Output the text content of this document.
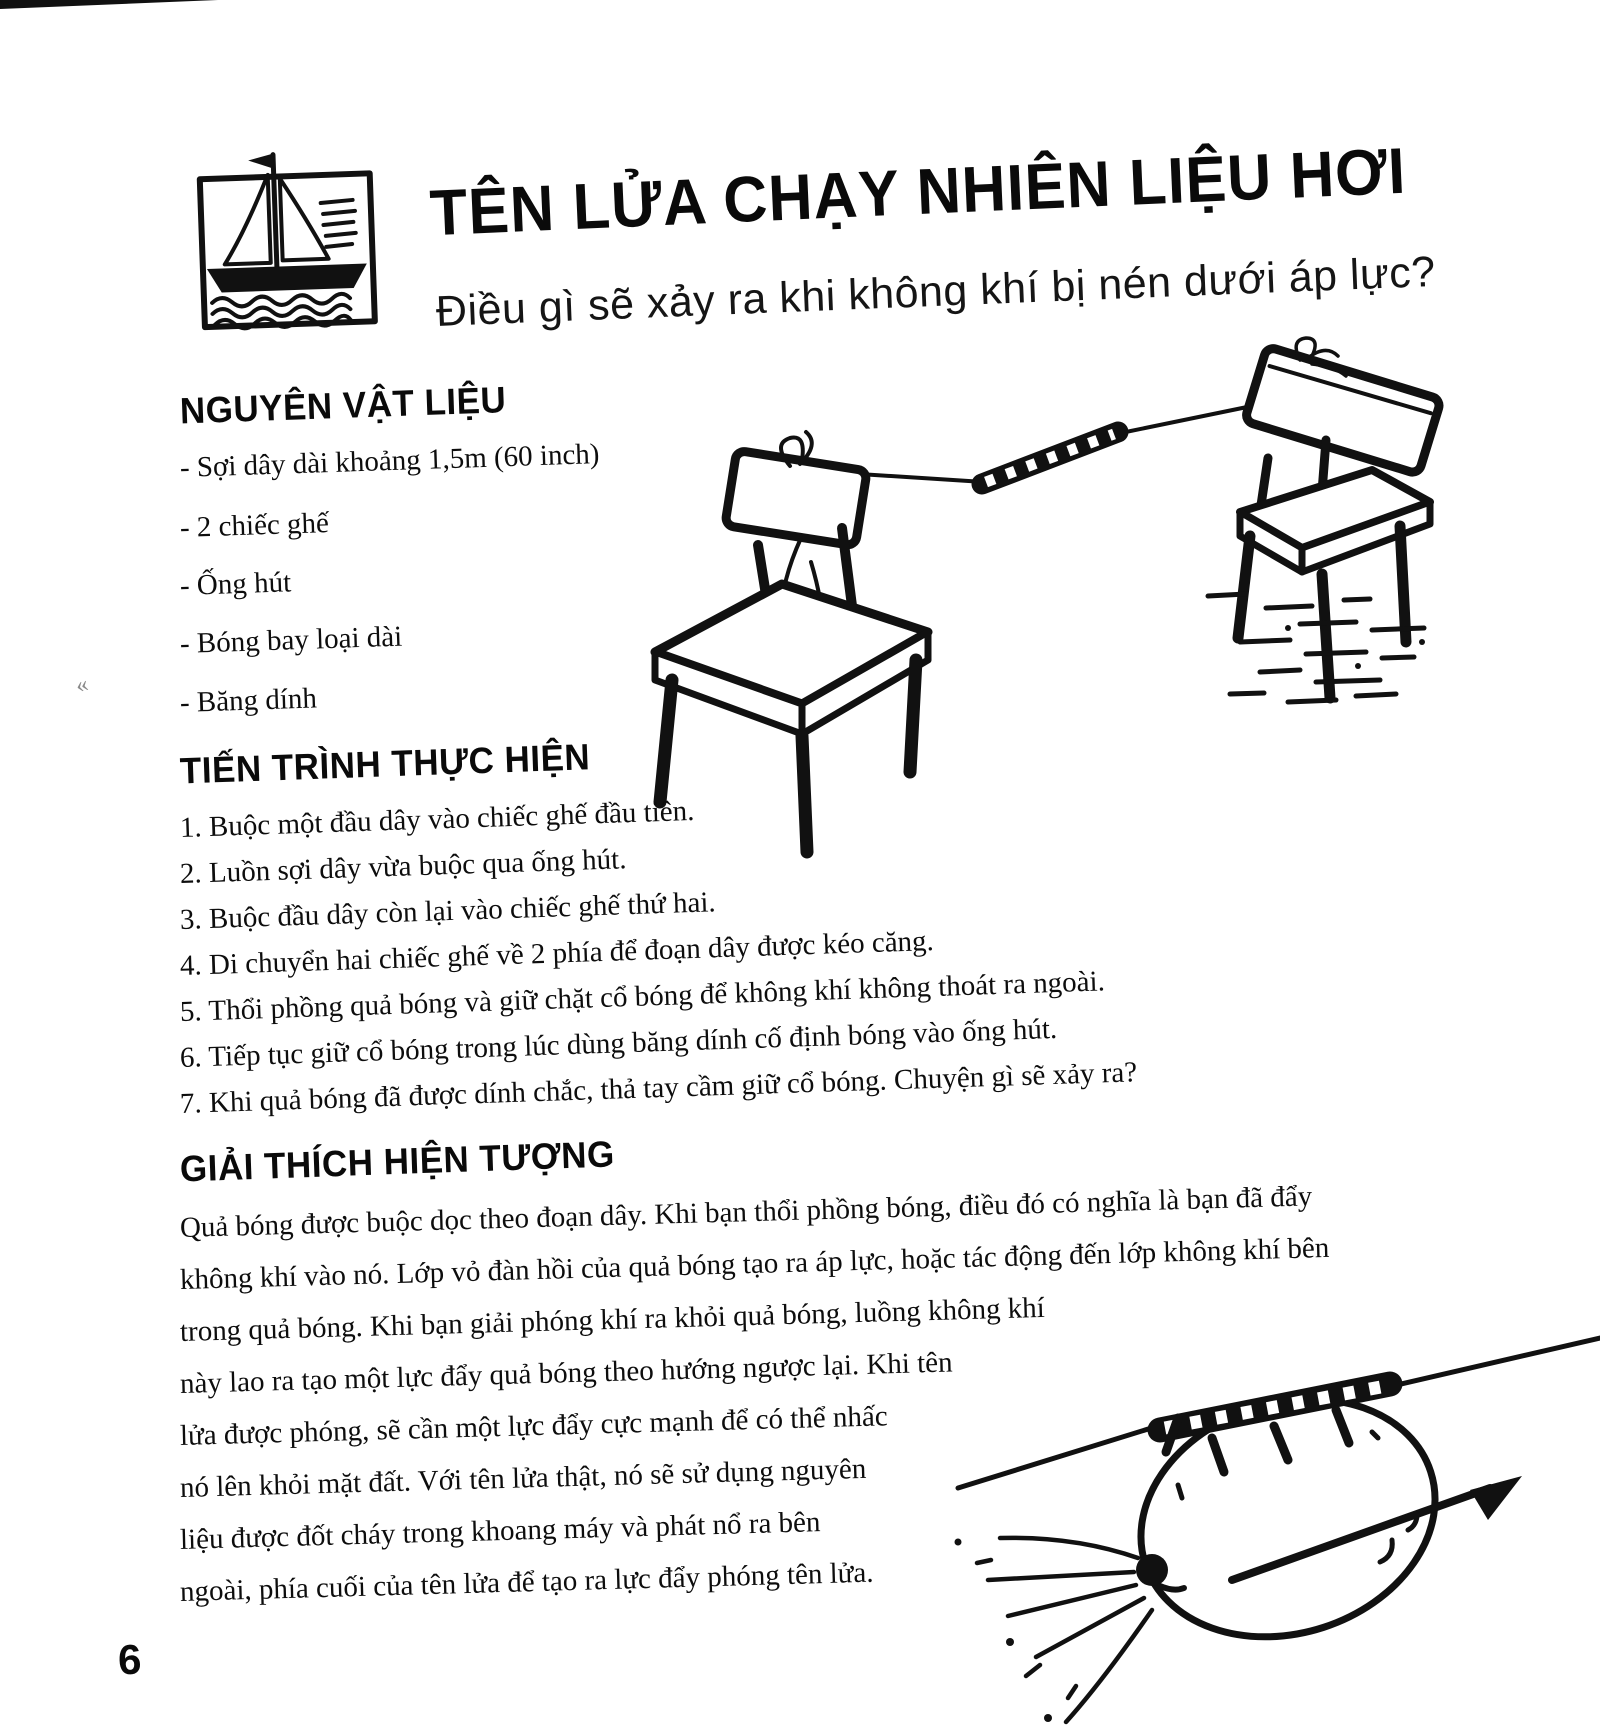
TÊN LỬA CHẠY NHIÊN LIỆU HƠI
Điều gì sẽ xảy ra khi không khí bị nén dưới áp lực?
NGUYÊN VẬT LIỆU
- Sợi dây dài khoảng 1,5m (60 inch)
- 2 chiếc ghế
- Ống hút
- Bóng bay loại dài
- Băng dính
«
TIẾN TRÌNH THỰC HIỆN
1. Buộc một đầu dây vào chiếc ghế đầu tiên.
2. Luồn sợi dây vừa buộc qua ống hút.
3. Buộc đầu dây còn lại vào chiếc ghế thứ hai.
4. Di chuyển hai chiếc ghế về 2 phía để đoạn dây được kéo căng.
5. Thổi phồng quả bóng và giữ chặt cổ bóng để không khí không thoát ra ngoài.
6. Tiếp tục giữ cổ bóng trong lúc dùng băng dính cố định bóng vào ống hút.
7. Khi quả bóng đã được dính chắc, thả tay cầm giữ cổ bóng. Chuyện gì sẽ xảy ra?
GIẢI THÍCH HIỆN TƯỢNG
Quả bóng được buộc dọc theo đoạn dây. Khi bạn thổi phồng bóng, điều đó có nghĩa là bạn đã đẩy
không khí vào nó. Lớp vỏ đàn hồi của quả bóng tạo ra áp lực, hoặc tác động đến lớp không khí bên
trong quả bóng. Khi bạn giải phóng khí ra khỏi quả bóng, luồng không khí
này lao ra tạo một lực đẩy quả bóng theo hướng ngược lại. Khi tên
lửa được phóng, sẽ cần một lực đẩy cực mạnh để có thể nhấc
nó lên khỏi mặt đất. Với tên lửa thật, nó sẽ sử dụng nguyên
liệu được đốt cháy trong khoang máy và phát nổ ra bên
ngoài, phía cuối của tên lửa để tạo ra lực đẩy phóng tên lửa.
6
